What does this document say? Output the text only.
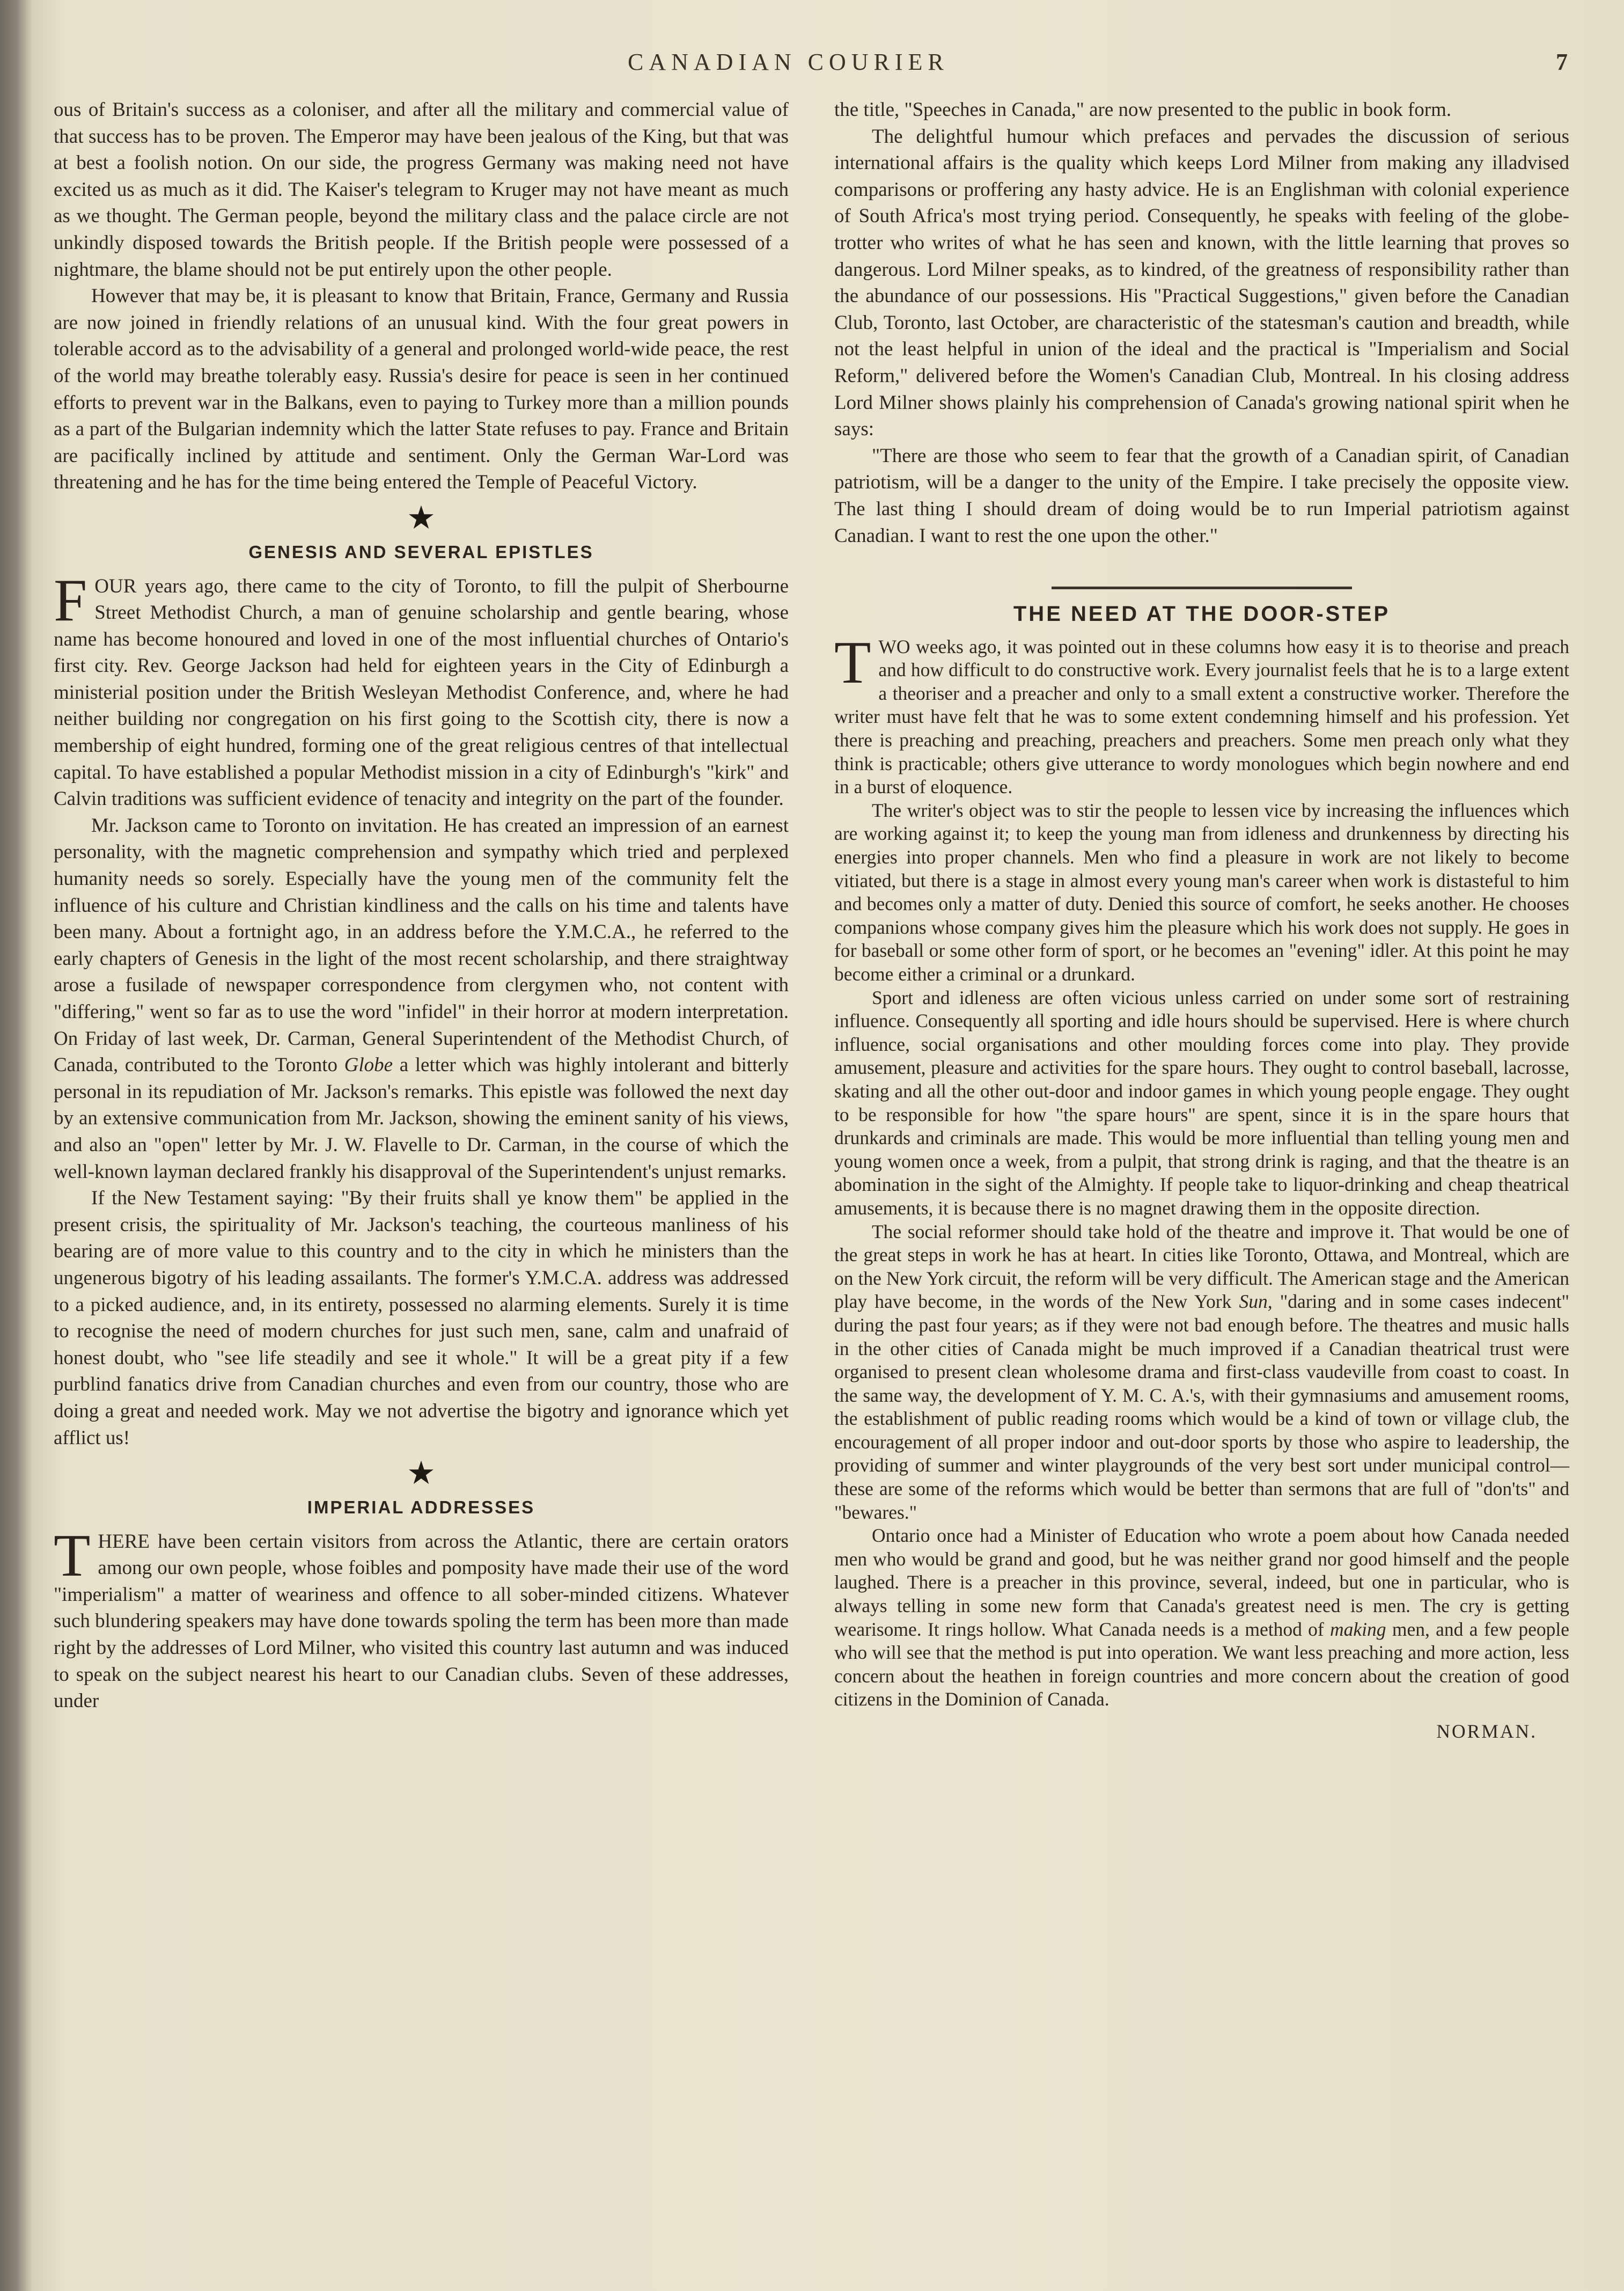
CANADIAN COURIER	7

ous of Britain's success as a coloniser, and after all the military and commercial value of that success has to be proven. The Emperor may have been jealous of the King, but that was at best a foolish notion. On our side, the progress Germany was making need not have excited us as much as it did. The Kaiser's telegram to Kruger may not have meant as much as we thought. The German people, beyond the military class and the palace circle are not unkindly disposed towards the British people. If the British people were possessed of a nightmare, the blame should not be put entirely upon the other people.

However that may be, it is pleasant to know that Britain, France, Germany and Russia are now joined in friendly relations of an unusual kind. With the four great powers in tolerable accord as to the advisability of a general and prolonged world-wide peace, the rest of the world may breathe tolerably easy. Russia's desire for peace is seen in her continued efforts to prevent war in the Balkans, even to paying to Turkey more than a million pounds as a part of the Bulgarian indemnity which the latter State refuses to pay. France and Britain are pacifically inclined by attitude and sentiment. Only the German War-Lord was threatening and he has for the time being entered the Temple of Peaceful Victory.

★
GENESIS AND SEVERAL EPISTLES

FOUR years ago, there came to the city of Toronto, to fill the pulpit of Sherbourne Street Methodist Church, a man of genuine scholarship and gentle bearing, whose name has become honoured and loved in one of the most influential churches of Ontario's first city. Rev. George Jackson had held for eighteen years in the City of Edinburgh a ministerial position under the British Wesleyan Methodist Conference, and, where he had neither building nor congregation on his first going to the Scottish city, there is now a membership of eight hundred, forming one of the great religious centres of that intellectual capital. To have established a popular Methodist mission in a city of Edinburgh's "kirk" and Calvin traditions was sufficient evidence of tenacity and integrity on the part of the founder.

Mr. Jackson came to Toronto on invitation. He has created an impression of an earnest personality, with the magnetic comprehension and sympathy which tried and perplexed humanity needs so sorely. Especially have the young men of the community felt the influence of his culture and Christian kindliness and the calls on his time and talents have been many. About a fortnight ago, in an address before the Y.M.C.A., he referred to the early chapters of Genesis in the light of the most recent scholarship, and there straightway arose a fusilade of newspaper correspondence from clergymen who, not content with "differing," went so far as to use the word "infidel" in their horror at modern interpretation. On Friday of last week, Dr. Carman, General Superintendent of the Methodist Church, of Canada, contributed to the Toronto Globe a letter which was highly intolerant and bitterly personal in its repudiation of Mr. Jackson's remarks. This epistle was followed the next day by an extensive communication from Mr. Jackson, showing the eminent sanity of his views, and also an "open" letter by Mr. J. W. Flavelle to Dr. Carman, in the course of which the well-known layman declared frankly his disapproval of the Superintendent's unjust remarks.

If the New Testament saying: "By their fruits shall ye know them" be applied in the present crisis, the spirituality of Mr. Jackson's teaching, the courteous manliness of his bearing are of more value to this country and to the city in which he ministers than the ungenerous bigotry of his leading assailants. The former's Y.M.C.A. address was addressed to a picked audience, and, in its entirety, possessed no alarming elements. Surely it is time to recognise the need of modern churches for just such men, sane, calm and unafraid of honest doubt, who "see life steadily and see it whole." It will be a great pity if a few purblind fanatics drive from Canadian churches and even from our country, those who are doing a great and needed work. May we not advertise the bigotry and ignorance which yet afflict us!

★
IMPERIAL ADDRESSES

THERE have been certain visitors from across the Atlantic, there are certain orators among our own people, whose foibles and pomposity have made their use of the word "imperialism" a matter of weariness and offence to all sober-minded citizens. Whatever such blundering speakers may have done towards spoling the term has been more than made right by the addresses of Lord Milner, who visited this country last autumn and was induced to speak on the subject nearest his heart to our Canadian clubs. Seven of these addresses, under

the title, "Speeches in Canada," are now presented to the public in book form.

The delightful humour which prefaces and pervades the discussion of serious international affairs is the quality which keeps Lord Milner from making any illadvised comparisons or proffering any hasty advice. He is an Englishman with colonial experience of South Africa's most trying period. Consequently, he speaks with feeling of the globe-trotter who writes of what he has seen and known, with the little learning that proves so dangerous. Lord Milner speaks, as to kindred, of the greatness of responsibility rather than the abundance of our possessions. His "Practical Suggestions," given before the Canadian Club, Toronto, last October, are characteristic of the statesman's caution and breadth, while not the least helpful in union of the ideal and the practical is "Imperialism and Social Reform," delivered before the Women's Canadian Club, Montreal. In his closing address Lord Milner shows plainly his comprehension of Canada's growing national spirit when he says:

"There are those who seem to fear that the growth of a Canadian spirit, of Canadian patriotism, will be a danger to the unity of the Empire. I take precisely the opposite view. The last thing I should dream of doing would be to run Imperial patriotism against Canadian. I want to rest the one upon the other."

THE NEED AT THE DOOR-STEP

TWO weeks ago, it was pointed out in these columns how easy it is to theorise and preach and how difficult to do constructive work. Every journalist feels that he is to a large extent a theoriser and a preacher and only to a small extent a constructive worker. Therefore the writer must have felt that he was to some extent condemning himself and his profession. Yet there is preaching and preaching, preachers and preachers. Some men preach only what they think is practicable; others give utterance to wordy monologues which begin nowhere and end in a burst of eloquence.

The writer's object was to stir the people to lessen vice by increasing the influences which are working against it; to keep the young man from idleness and drunkenness by directing his energies into proper channels. Men who find a pleasure in work are not likely to become vitiated, but there is a stage in almost every young man's career when work is distasteful to him and becomes only a matter of duty. Denied this source of comfort, he seeks another. He chooses companions whose company gives him the pleasure which his work does not supply. He goes in for baseball or some other form of sport, or he becomes an "evening" idler. At this point he may become either a criminal or a drunkard.

Sport and idleness are often vicious unless carried on under some sort of restraining influence. Consequently all sporting and idle hours should be supervised. Here is where church influence, social organisations and other moulding forces come into play. They provide amusement, pleasure and activities for the spare hours. They ought to control baseball, lacrosse, skating and all the other out-door and indoor games in which young people engage. They ought to be responsible for how "the spare hours" are spent, since it is in the spare hours that drunkards and criminals are made. This would be more influential than telling young men and young women once a week, from a pulpit, that strong drink is raging, and that the theatre is an abomination in the sight of the Almighty. If people take to liquor-drinking and cheap theatrical amusements, it is because there is no magnet drawing them in the opposite direction.

The social reformer should take hold of the theatre and improve it. That would be one of the great steps in work he has at heart. In cities like Toronto, Ottawa, and Montreal, which are on the New York circuit, the reform will be very difficult. The American stage and the American play have become, in the words of the New York Sun, "daring and in some cases indecent" during the past four years; as if they were not bad enough before. The theatres and music halls in the other cities of Canada might be much improved if a Canadian theatrical trust were organised to present clean wholesome drama and first-class vaudeville from coast to coast. In the same way, the development of Y. M. C. A.'s, with their gymnasiums and amusement rooms, the establishment of public reading rooms which would be a kind of town or village club, the encouragement of all proper indoor and out-door sports by those who aspire to leadership, the providing of summer and winter playgrounds of the very best sort under municipal control—these are some of the reforms which would be better than sermons that are full of "don'ts" and "bewares."

Ontario once had a Minister of Education who wrote a poem about how Canada needed men who would be grand and good, but he was neither grand nor good himself and the people laughed. There is a preacher in this province, several, indeed, but one in particular, who is always telling in some new form that Canada's greatest need is men. The cry is getting wearisome. It rings hollow. What Canada needs is a method of making men, and a few people who will see that the method is put into operation. We want less preaching and more action, less concern about the heathen in foreign countries and more concern about the creation of good citizens in the Dominion of Canada.

NORMAN.
